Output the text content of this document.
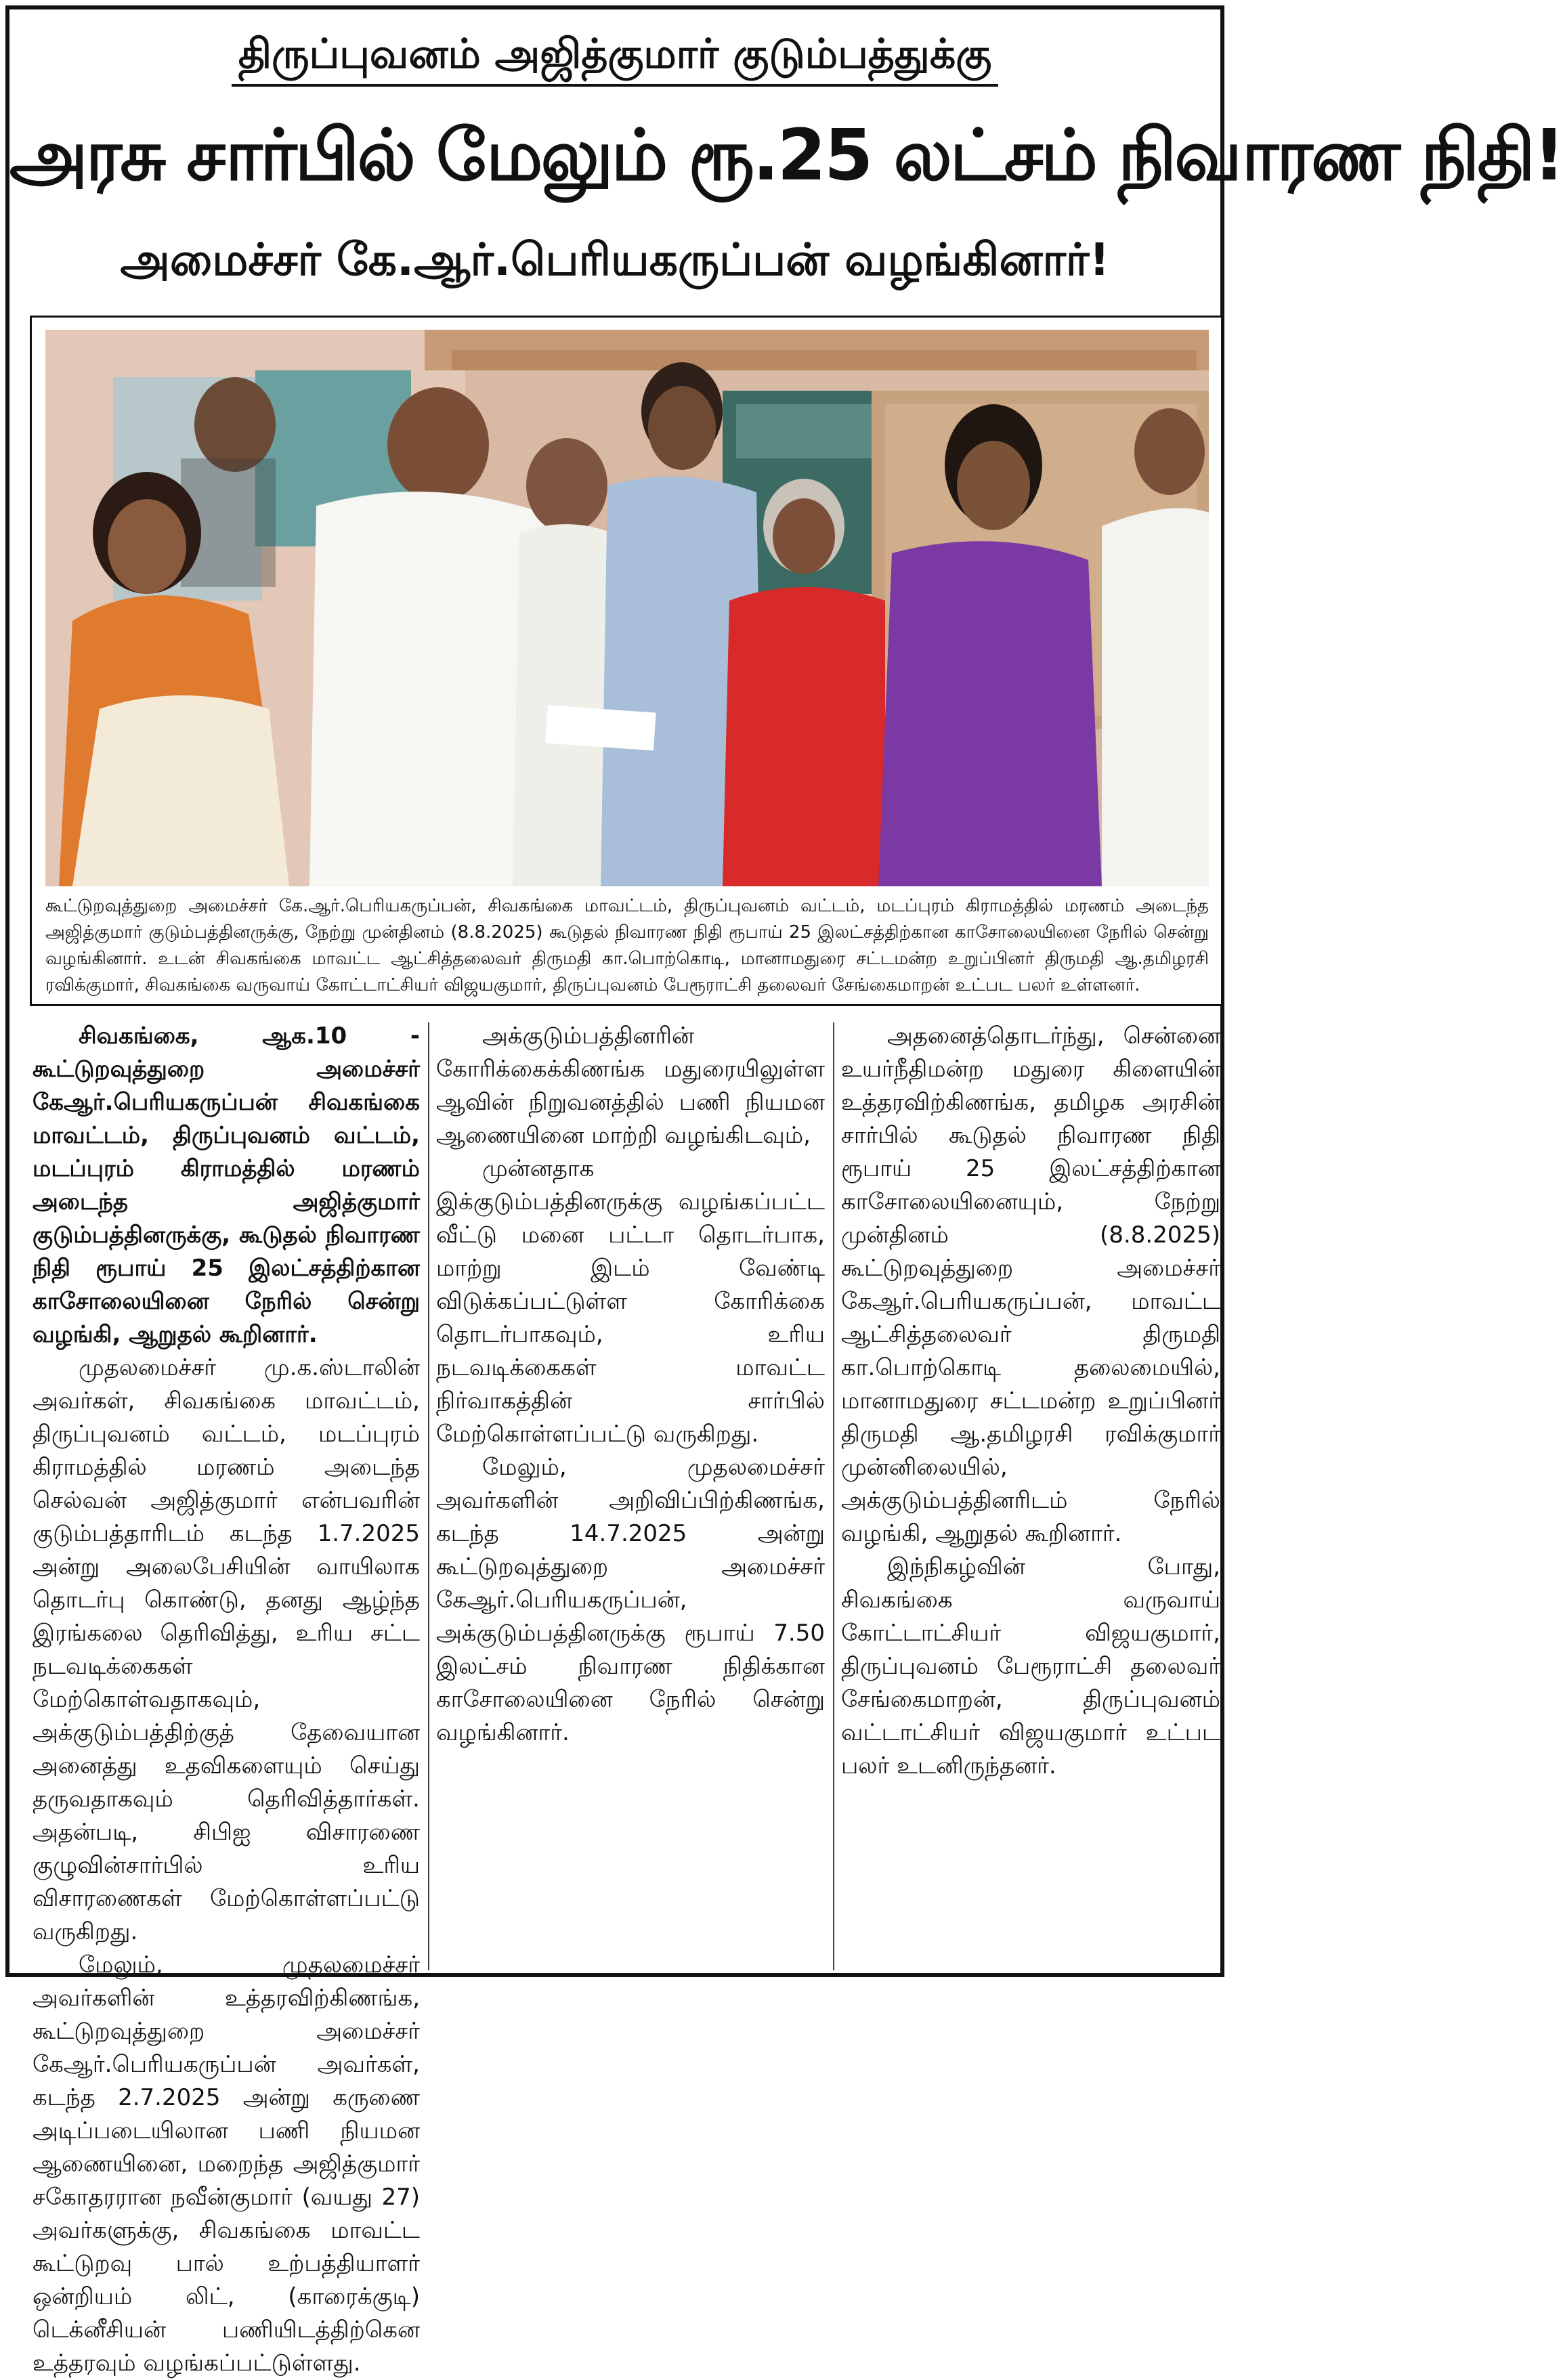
திருப்புவனம் அஜித்குமார் குடும்பத்துக்கு
அரசு சார்பில் மேலும் ரூ.25 லட்சம் நிவாரண நிதி!
அமைச்சர் கே.ஆர்.பெரியகருப்பன் வழங்கினார்!
கூட்டுறவுத்துறை அமைச்சர் கே.ஆர்.பெரியகருப்பன், சிவகங்கை மாவட்டம், திருப்புவனம் வட்டம், மடப்புரம் கிராமத்தில் மரணம் அடைந்த அஜித்குமார் குடும்பத்தினருக்கு, நேற்று முன்தினம் (8.8.2025) கூடுதல் நிவாரண நிதி ரூபாய் 25 இலட்சத்திற்கான காசோலையினை நேரில் சென்று வழங்கினார். உடன் சிவகங்கை மாவட்ட ஆட்சித்தலைவர் திருமதி கா.பொற்கொடி, மானாமதுரை சட்டமன்ற உறுப்பினர் திருமதி ஆ.தமிழரசி ரவிக்குமார், சிவகங்கை வருவாய் கோட்டாட்சியர் விஜயகுமார், திருப்புவனம் பேரூராட்சி தலைவர் சேங்கைமாறன் உட்பட பலர் உள்ளனர்.

சிவகங்கை, ஆக.10 - கூட்டுறவுத்துறை அமைச்சர் கேஆர்.பெரியகருப்பன் சிவகங்கை மாவட்டம், திருப்புவனம் வட்டம், மடப்புரம் கிராமத்தில் மரணம் அடைந்த அஜித்குமார் குடும்பத்தினருக்கு, கூடுதல் நிவாரண நிதி ரூபாய் 25 இலட்சத்திற்கான காசோலையினை நேரில் சென்று வழங்கி, ஆறுதல் கூறினார்.

முதலமைச்சர் மு.க.ஸ்டாலின் அவர்கள், சிவகங்கை மாவட்டம், திருப்புவனம் வட்டம், மடப்புரம் கிராமத்தில் மரணம் அடைந்த செல்வன் அஜித்குமார் என்பவரின் குடும்பத்தாரிடம் கடந்த 1.7.2025 அன்று அலைபேசியின் வாயிலாக தொடர்பு கொண்டு, தனது ஆழ்ந்த இரங்கலை தெரிவித்து, உரிய சட்ட நடவடிக்கைகள் மேற்கொள்வதாகவும், அக்குடும்பத்திற்குத் தேவையான அனைத்து உதவிகளையும் செய்து தருவதாகவும் தெரிவித்தார்கள். அதன்படி, சிபிஐ விசாரணை குழுவின்சார்பில் உரிய விசாரணைகள் மேற்கொள்ளப்பட்டு வருகிறது.

மேலும், முதலமைச்சர் அவர்களின் உத்தரவிற்கிணங்க, கூட்டுறவுத்துறை அமைச்சர் கேஆர்.பெரியகருப்பன் அவர்கள், கடந்த 2.7.2025 அன்று கருணை அடிப்படையிலான பணி நியமன ஆணையினை, மறைந்த அஜித்குமார் சகோதரரான நவீன்குமார் (வயது 27) அவர்களுக்கு, சிவகங்கை மாவட்ட கூட்டுறவு பால் உற்பத்தியாளர் ஒன்றியம் லிட், (காரைக்குடி) டெக்னீசியன் பணியிடத்திற்கென உத்தரவும் வழங்கப்பட்டுள்ளது.

அக்குடும்பத்தினரின் கோரிக்கைக்கிணங்க மதுரையிலுள்ள ஆவின் நிறுவனத்தில் பணி நியமன ஆணையினை மாற்றி வழங்கிடவும்,

முன்னதாக இக்குடும்பத்தினருக்கு வழங்கப்பட்ட வீட்டு மனை பட்டா தொடர்பாக, மாற்று இடம் வேண்டி விடுக்கப்பட்டுள்ள கோரிக்கை தொடர்பாகவும், உரிய நடவடிக்கைகள் மாவட்ட நிர்வாகத்தின் சார்பில் மேற்கொள்ளப்பட்டு வருகிறது.

மேலும், முதலமைச்சர் அவர்களின் அறிவிப்பிற்கிணங்க, கடந்த 14.7.2025 அன்று கூட்டுறவுத்துறை அமைச்சர் கேஆர்.பெரியகருப்பன், அக்குடும்பத்தினருக்கு ரூபாய் 7.50 இலட்சம் நிவாரண நிதிக்கான காசோலையினை நேரில் சென்று வழங்கினார்.

அதனைத்தொடர்ந்து, சென்னை உயர்நீதிமன்ற மதுரை கிளையின் உத்தரவிற்கிணங்க, தமிழக அரசின் சார்பில் கூடுதல் நிவாரண நிதி ரூபாய் 25 இலட்சத்திற்கான காசோலையினையும், நேற்று முன்தினம் (8.8.2025) கூட்டுறவுத்துறை அமைச்சர் கேஆர்.பெரியகருப்பன், மாவட்ட ஆட்சித்தலைவர் திருமதி கா.பொற்கொடி தலைமையில், மானாமதுரை சட்டமன்ற உறுப்பினர் திருமதி ஆ.தமிழரசி ரவிக்குமார் முன்னிலையில், அக்குடும்பத்தினரிடம் நேரில் வழங்கி, ஆறுதல் கூறினார்.

இந்நிகழ்வின் போது, சிவகங்கை வருவாய் கோட்டாட்சியர் விஜயகுமார், திருப்புவனம் பேரூராட்சி தலைவர் சேங்கைமாறன், திருப்புவனம் வட்டாட்சியர் விஜயகுமார் உட்பட பலர் உடனிருந்தனர்.
